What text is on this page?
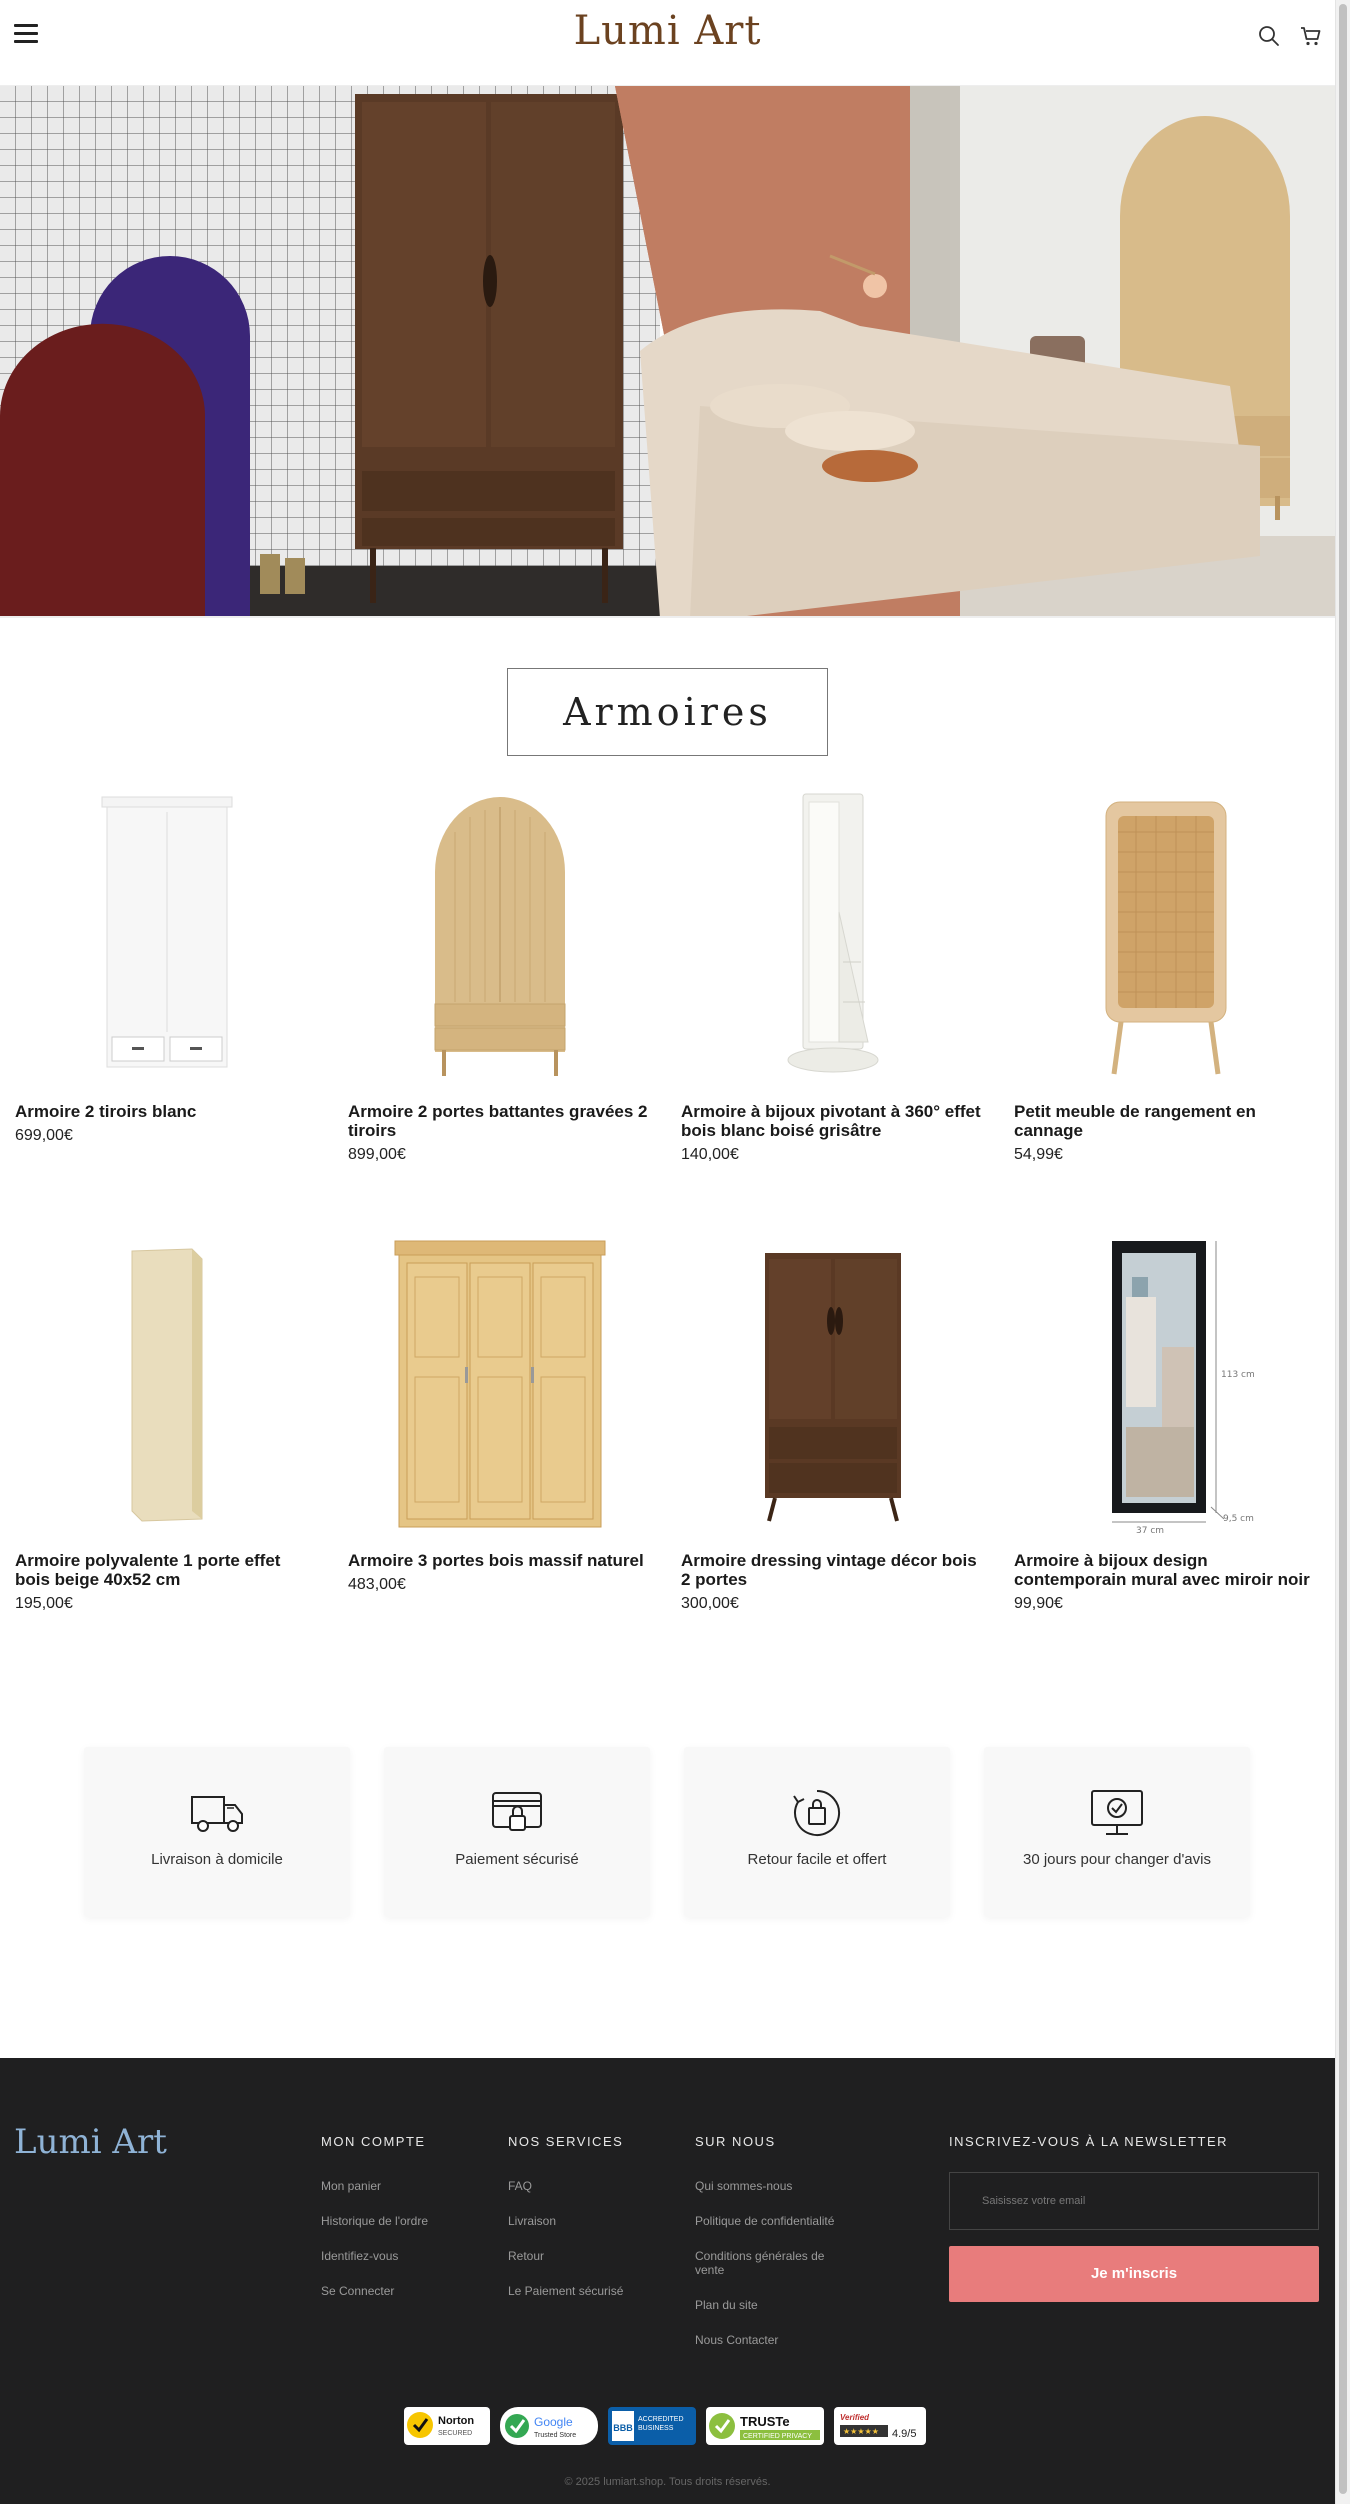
Lumi Art
Armoires
Armoire 2 tiroirs blanc
699,00€
Armoire 2 portes battantes gravées 2 tiroirs
899,00€
Armoire à bijoux pivotant à 360° effet bois blanc boisé grisâtre
140,00€
Petit meuble de rangement en cannage
54,99€
Armoire polyvalente 1 porte effet bois beige 40x52 cm
195,00€
Armoire 3 portes bois massif naturel
483,00€
Armoire dressing vintage décor bois 2 portes
300,00€
113 cm
37 cm
9,5 cm
Armoire à bijoux design contemporain mural avec miroir noir
99,90€
Livraison à domicile	Paiement sécurisé	Retour facile et offert	30 jours pour changer d'avis
Lumi Art	MON COMPTE
Mon panier
Historique de l'ordre
Identifiez-vous
Se Connecter
NOS SERVICES
FAQ
Livraison
Retour
Le Paiement sécurisé
SUR NOUS
Qui sommes-nous
Politique de confidentialité
Conditions générales de vente
Plan du site
Nous Contacter
INSCRIVEZ-VOUS À LA NEWSLETTER
Saisissez votre email
Je m'inscris
Norton
SECURED
Google
Trusted Store
BBB
ACCREDITED BUSINESS	TRUSTe
CERTIFIED PRIVACY
Verified
★★★★★ 4.9/5
© 2025 lumiart.shop. Tous droits réservés.
